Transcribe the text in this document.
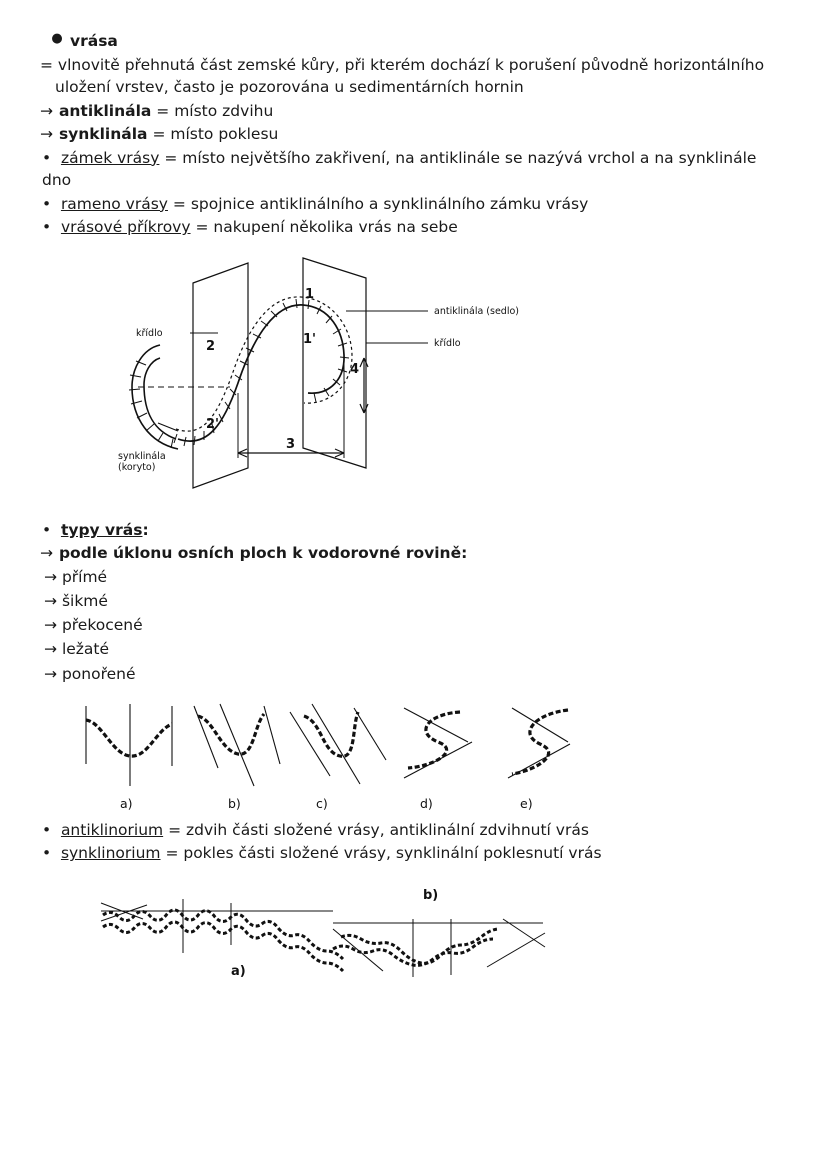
● vrása
= vlnovitě přehnutá část zemské kůry, při kterém dochází k porušení původně horizontálního
uložení vrstev, často je pozorována u sedimentárních hornin
→ antiklinála = místo zdvihu
→ synklinála = místo poklesu
• zámek vrásy = místo největšího zakřivení, na antiklinále se nazývá vrchol a na synklinále dno
• rameno vrásy = spojnice antiklinálního a synklinálního zámku vrásy
• vrásové příkrovy = nakupení několika vrás na sebe
antiklinála (sedlo)
křídlo
křídlo
synklinála
(koryto)
1
1'
2
2'
3
4
• typy vrás:
→ podle úklonu osních ploch k vodorovné rovině:
→ přímé
→ šikmé
→ překocené
→ ležaté
→ ponořené
a)	b)	c)	d)	e)
• antiklinorium = zdvih části složené vrásy, antiklinální zdvihnutí vrás
• synklinorium = pokles části složené vrásy, synklinální poklesnutí vrás
a)
b)
